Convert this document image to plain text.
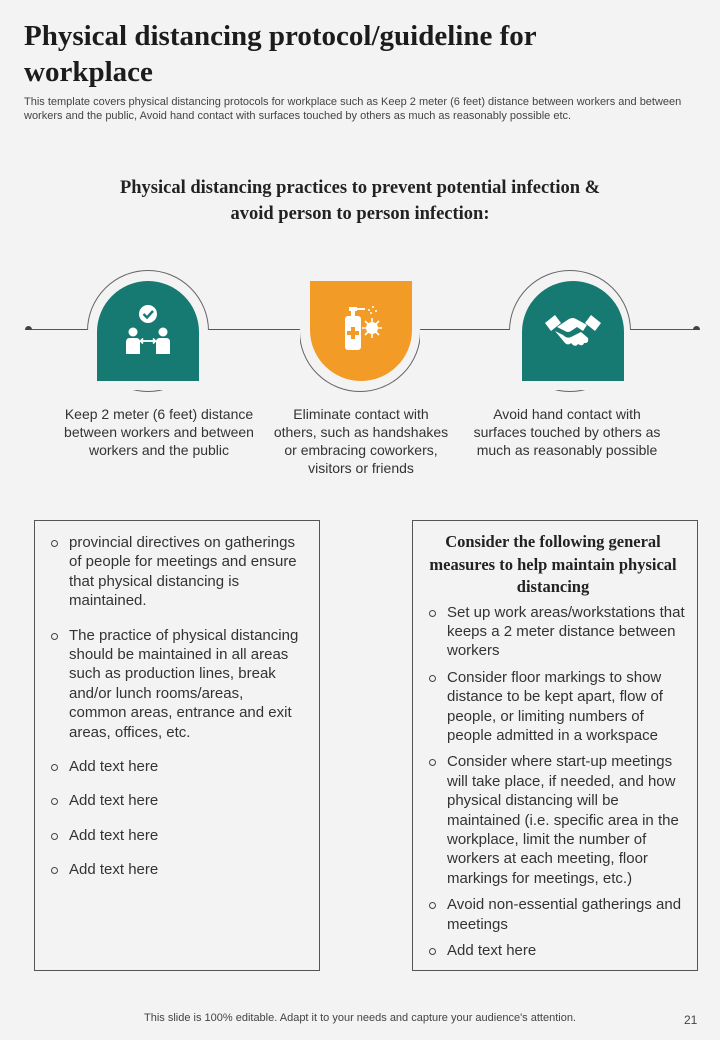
Physical distancing protocol/guideline for workplace

This template covers physical distancing protocols for workplace such as Keep 2 meter (6 feet) distance between workers and between workers and the public, Avoid hand contact with surfaces touched by others as much as reasonably possible etc.

Physical distancing practices to prevent potential infection & avoid person to person infection:

Keep 2 meter (6 feet) distance between workers and between workers and the public

Eliminate contact with others, such as handshakes or embracing coworkers, visitors or friends

Avoid hand contact with surfaces touched by others as much as reasonably possible

provincial directives on gatherings of people for meetings and ensure that physical distancing is maintained.
The practice of physical distancing should be maintained in all areas such as production lines, break and/or lunch rooms/areas, common areas, entrance and exit areas, offices, etc.
Add text here
Add text here
Add text here
Add text here

Consider the following general measures to help maintain physical distancing

Set up work areas/workstations that keeps a 2 meter distance between workers
Consider floor markings to show distance to be kept apart, flow of people, or limiting numbers of people admitted in a workspace
Consider where start-up meetings will take place, if needed, and how physical distancing will be maintained (i.e. specific area in the workplace, limit the number of workers at each meeting, floor markings for meetings, etc.)
Avoid non-essential gatherings and meetings
Add text here

This slide is 100% editable. Adapt it to your needs and capture your audience's attention.	21
